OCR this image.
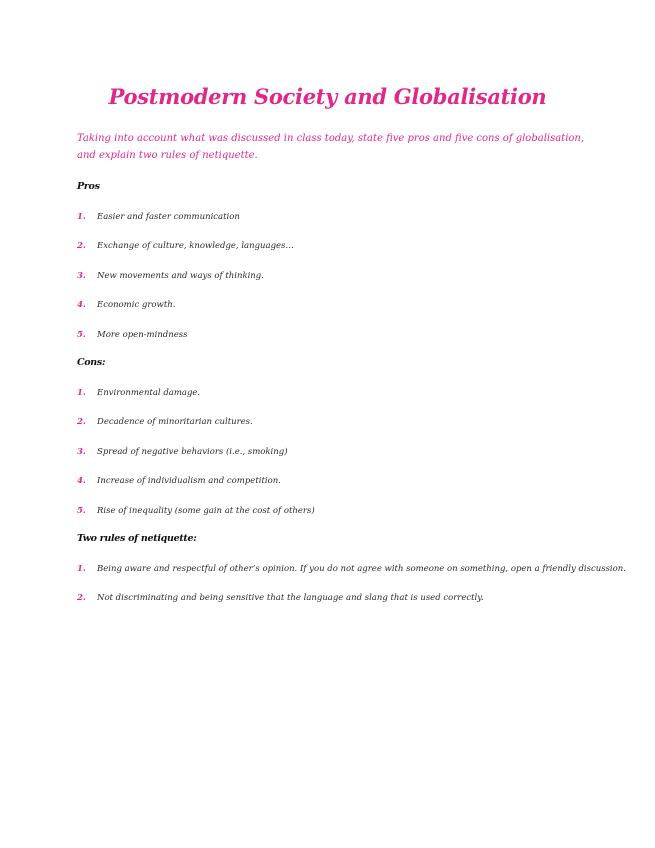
Postmodern Society and Globalisation

Taking into account what was discussed in class today, state five pros and five cons of globalisation, and explain two rules of netiquette.

Pros

1.	Easier and faster communication
2.	Exchange of culture, knowledge, languages…
3.	New movements and ways of thinking.
4.	Economic growth.
5.	More open-mindness

Cons:

1.	Environmental damage.
2.	Decadence of minoritarian cultures.
3.	Spread of negative behaviors (i.e., smoking)
4.	Increase of individualism and competition.
5.	Rise of inequality (some gain at the cost of others)

Two rules of netiquette:

1.	Being aware and respectful of other’s opinion. If you do not agree with someone on something, open a friendly discussion.
2.	Not discriminating and being sensitive that the language and slang that is used correctly.
